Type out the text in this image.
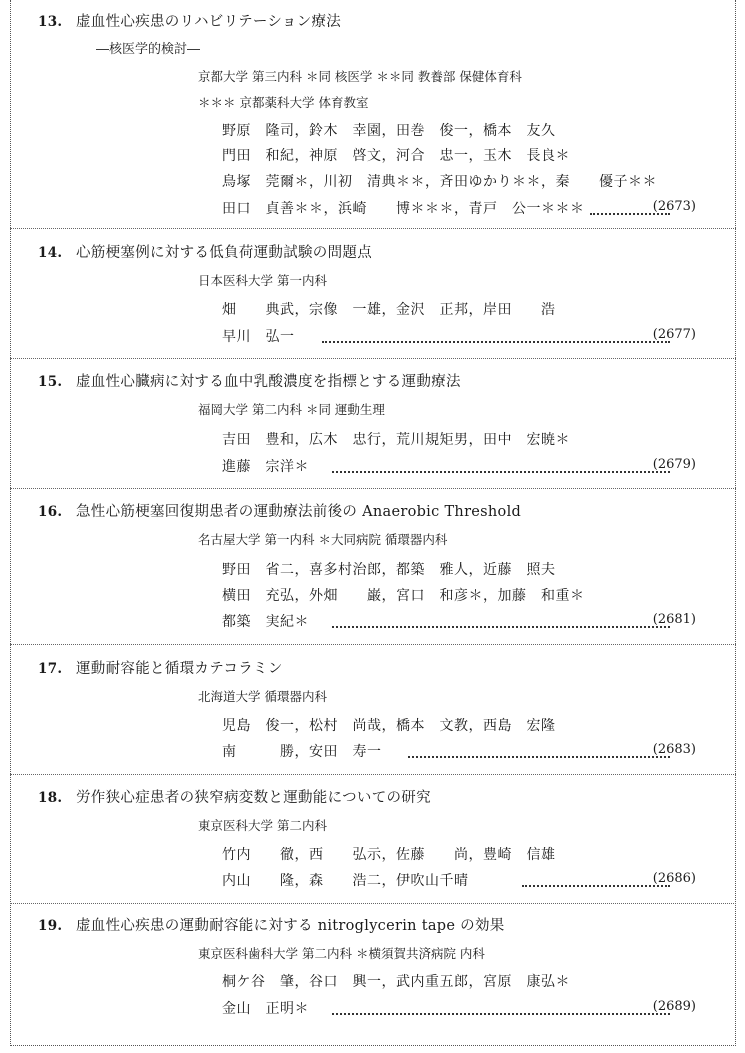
13. 虚血性心疾患のリハビリテーション療法
―核医学的検討―
京都大学 第三内科 ＊同 核医学 ＊＊同 教養部 保健体育科
＊＊＊ 京都薬科大学 体育教室
野原　隆司，鈴木　幸園，田巻　俊一，橋本　友久
門田　和紀，神原　啓文，河合　忠一，玉木　長良＊
鳥塚　莞爾＊，川初　清典＊＊，斉田ゆかり＊＊，秦　　優子＊＊
田口　貞善＊＊，浜崎　　博＊＊＊，青戸　公一＊＊＊	(2673)
14. 心筋梗塞例に対する低負荷運動試験の問題点
日本医科大学 第一内科
畑　　典武，宗像　一雄，金沢　正邦，岸田　　浩
早川　弘一	(2677)
15. 虚血性心臓病に対する血中乳酸濃度を指標とする運動療法
福岡大学 第二内科 ＊同 運動生理
吉田　豊和，広木　忠行，荒川規矩男，田中　宏暁＊
進藤　宗洋＊	(2679)
16. 急性心筋梗塞回復期患者の運動療法前後の Anaerobic Threshold
名古屋大学 第一内科 ＊大同病院 循環器内科
野田　省二，喜多村治郎，都築　雅人，近藤　照夫
横田　充弘，外畑　　巌，宮口　和彦＊，加藤　和重＊
都築　実紀＊	(2681)
17. 運動耐容能と循環カテコラミン
北海道大学 循環器内科
児島　俊一，松村　尚哉，橋本　文教，西島　宏隆
南　　　勝，安田　寿一	(2683)
18. 労作狭心症患者の狭窄病変数と運動能についての研究
東京医科大学 第二内科
竹内　　徹，西　　弘示，佐藤　　尚，豊崎　信雄
内山　　隆，森　　浩二，伊吹山千晴	(2686)
19. 虚血性心疾患の運動耐容能に対する nitroglycerin tape の効果
東京医科歯科大学 第二内科 ＊横須賀共済病院 内科
桐ケ谷　肇，谷口　興一，武内重五郎，宮原　康弘＊
金山　正明＊	(2689)
